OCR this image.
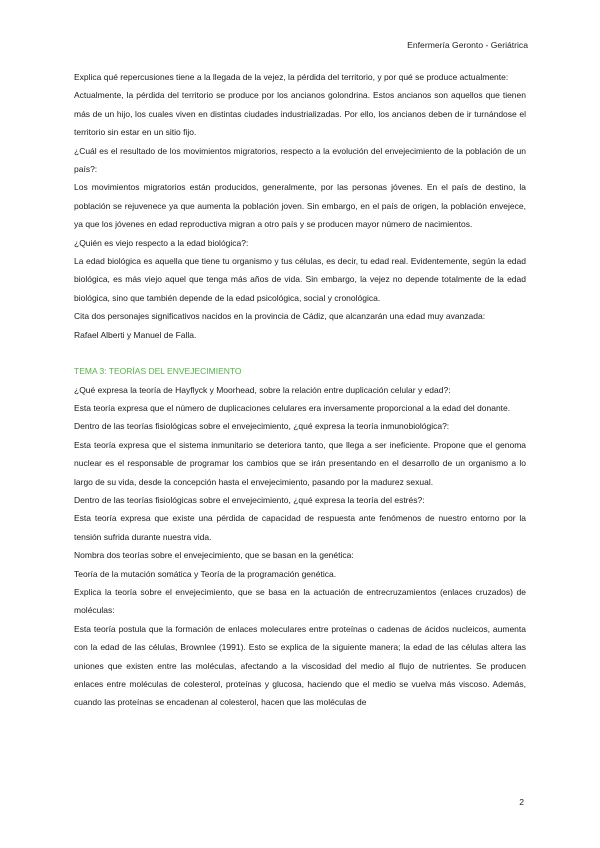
Enfermería Geronto - Geriátrica

Explica qué repercusiones tiene a la llegada de la vejez, la pérdida del territorio, y por qué se produce actualmente:

Actualmente, la pérdida del territorio se produce por los ancianos golondrina. Estos ancianos son aquellos que tienen más de un hijo, los cuales viven en distintas ciudades industrializadas. Por ello, los ancianos deben de ir turnándose el territorio sin estar en un sitio fijo.

¿Cuál es el resultado de los movimientos migratorios, respecto a la evolución del envejecimiento de la población de un país?:

Los movimientos migratorios están producidos, generalmente, por las personas jóvenes. En el país de destino, la población se rejuvenece ya que aumenta la población joven. Sin embargo, en el país de origen, la población envejece, ya que los jóvenes en edad reproductiva migran a otro país y se producen mayor número de nacimientos.

¿Quién es viejo respecto a la edad biológica?:

La edad biológica es aquella que tiene tu organismo y tus células, es decir, tu edad real. Evidentemente, según la edad biológica, es más viejo aquel que tenga más años de vida. Sin embargo, la vejez no depende totalmente de la edad biológica, sino que también depende de la edad psicológica, social y cronológica.

Cita dos personajes significativos nacidos en la provincia de Cádiz, que alcanzarán una edad muy avanzada:

Rafael Alberti y Manuel de Falla.

TEMA 3: TEORÍAS DEL ENVEJECIMIENTO

¿Qué expresa la teoría de Hayflyck y Moorhead, sobre la relación entre duplicación celular y edad?:

Esta teoría expresa que el número de duplicaciones celulares era inversamente proporcional a la edad del donante.

Dentro de las teorías fisiológicas sobre el envejecimiento, ¿qué expresa la teoría inmunobiológica?:

Esta teoría expresa que el sistema inmunitario se deteriora tanto, que llega a ser ineficiente. Propone que el genoma nuclear es el responsable de programar los cambios que se irán presentando en el desarrollo de un organismo a lo largo de su vida, desde la concepción hasta el envejecimiento, pasando por la madurez sexual.

Dentro de las teorías fisiológicas sobre el envejecimiento, ¿qué expresa la teoría del estrés?:

Esta teoría expresa que existe una pérdida de capacidad de respuesta ante fenómenos de nuestro entorno por la tensión sufrida durante nuestra vida.

Nombra dos teorías sobre el envejecimiento, que se basan en la genética:

Teoría de la mutación somática y Teoría de la programación genética.

Explica la teoría sobre el envejecimiento, que se basa en la actuación de entrecruzamientos (enlaces cruzados) de moléculas:

Esta teoría postula que la formación de enlaces moleculares entre proteínas o cadenas de ácidos nucleicos, aumenta con la edad de las células, Brownlee (1991). Esto se explica de la siguiente manera; la edad de las células altera las uniones que existen entre las moléculas, afectando a la viscosidad del medio al flujo de nutrientes. Se producen enlaces entre moléculas de colesterol, proteínas y glucosa, haciendo que el medio se vuelva más viscoso. Además, cuando las proteínas se encadenan al colesterol, hacen que las moléculas de

2
